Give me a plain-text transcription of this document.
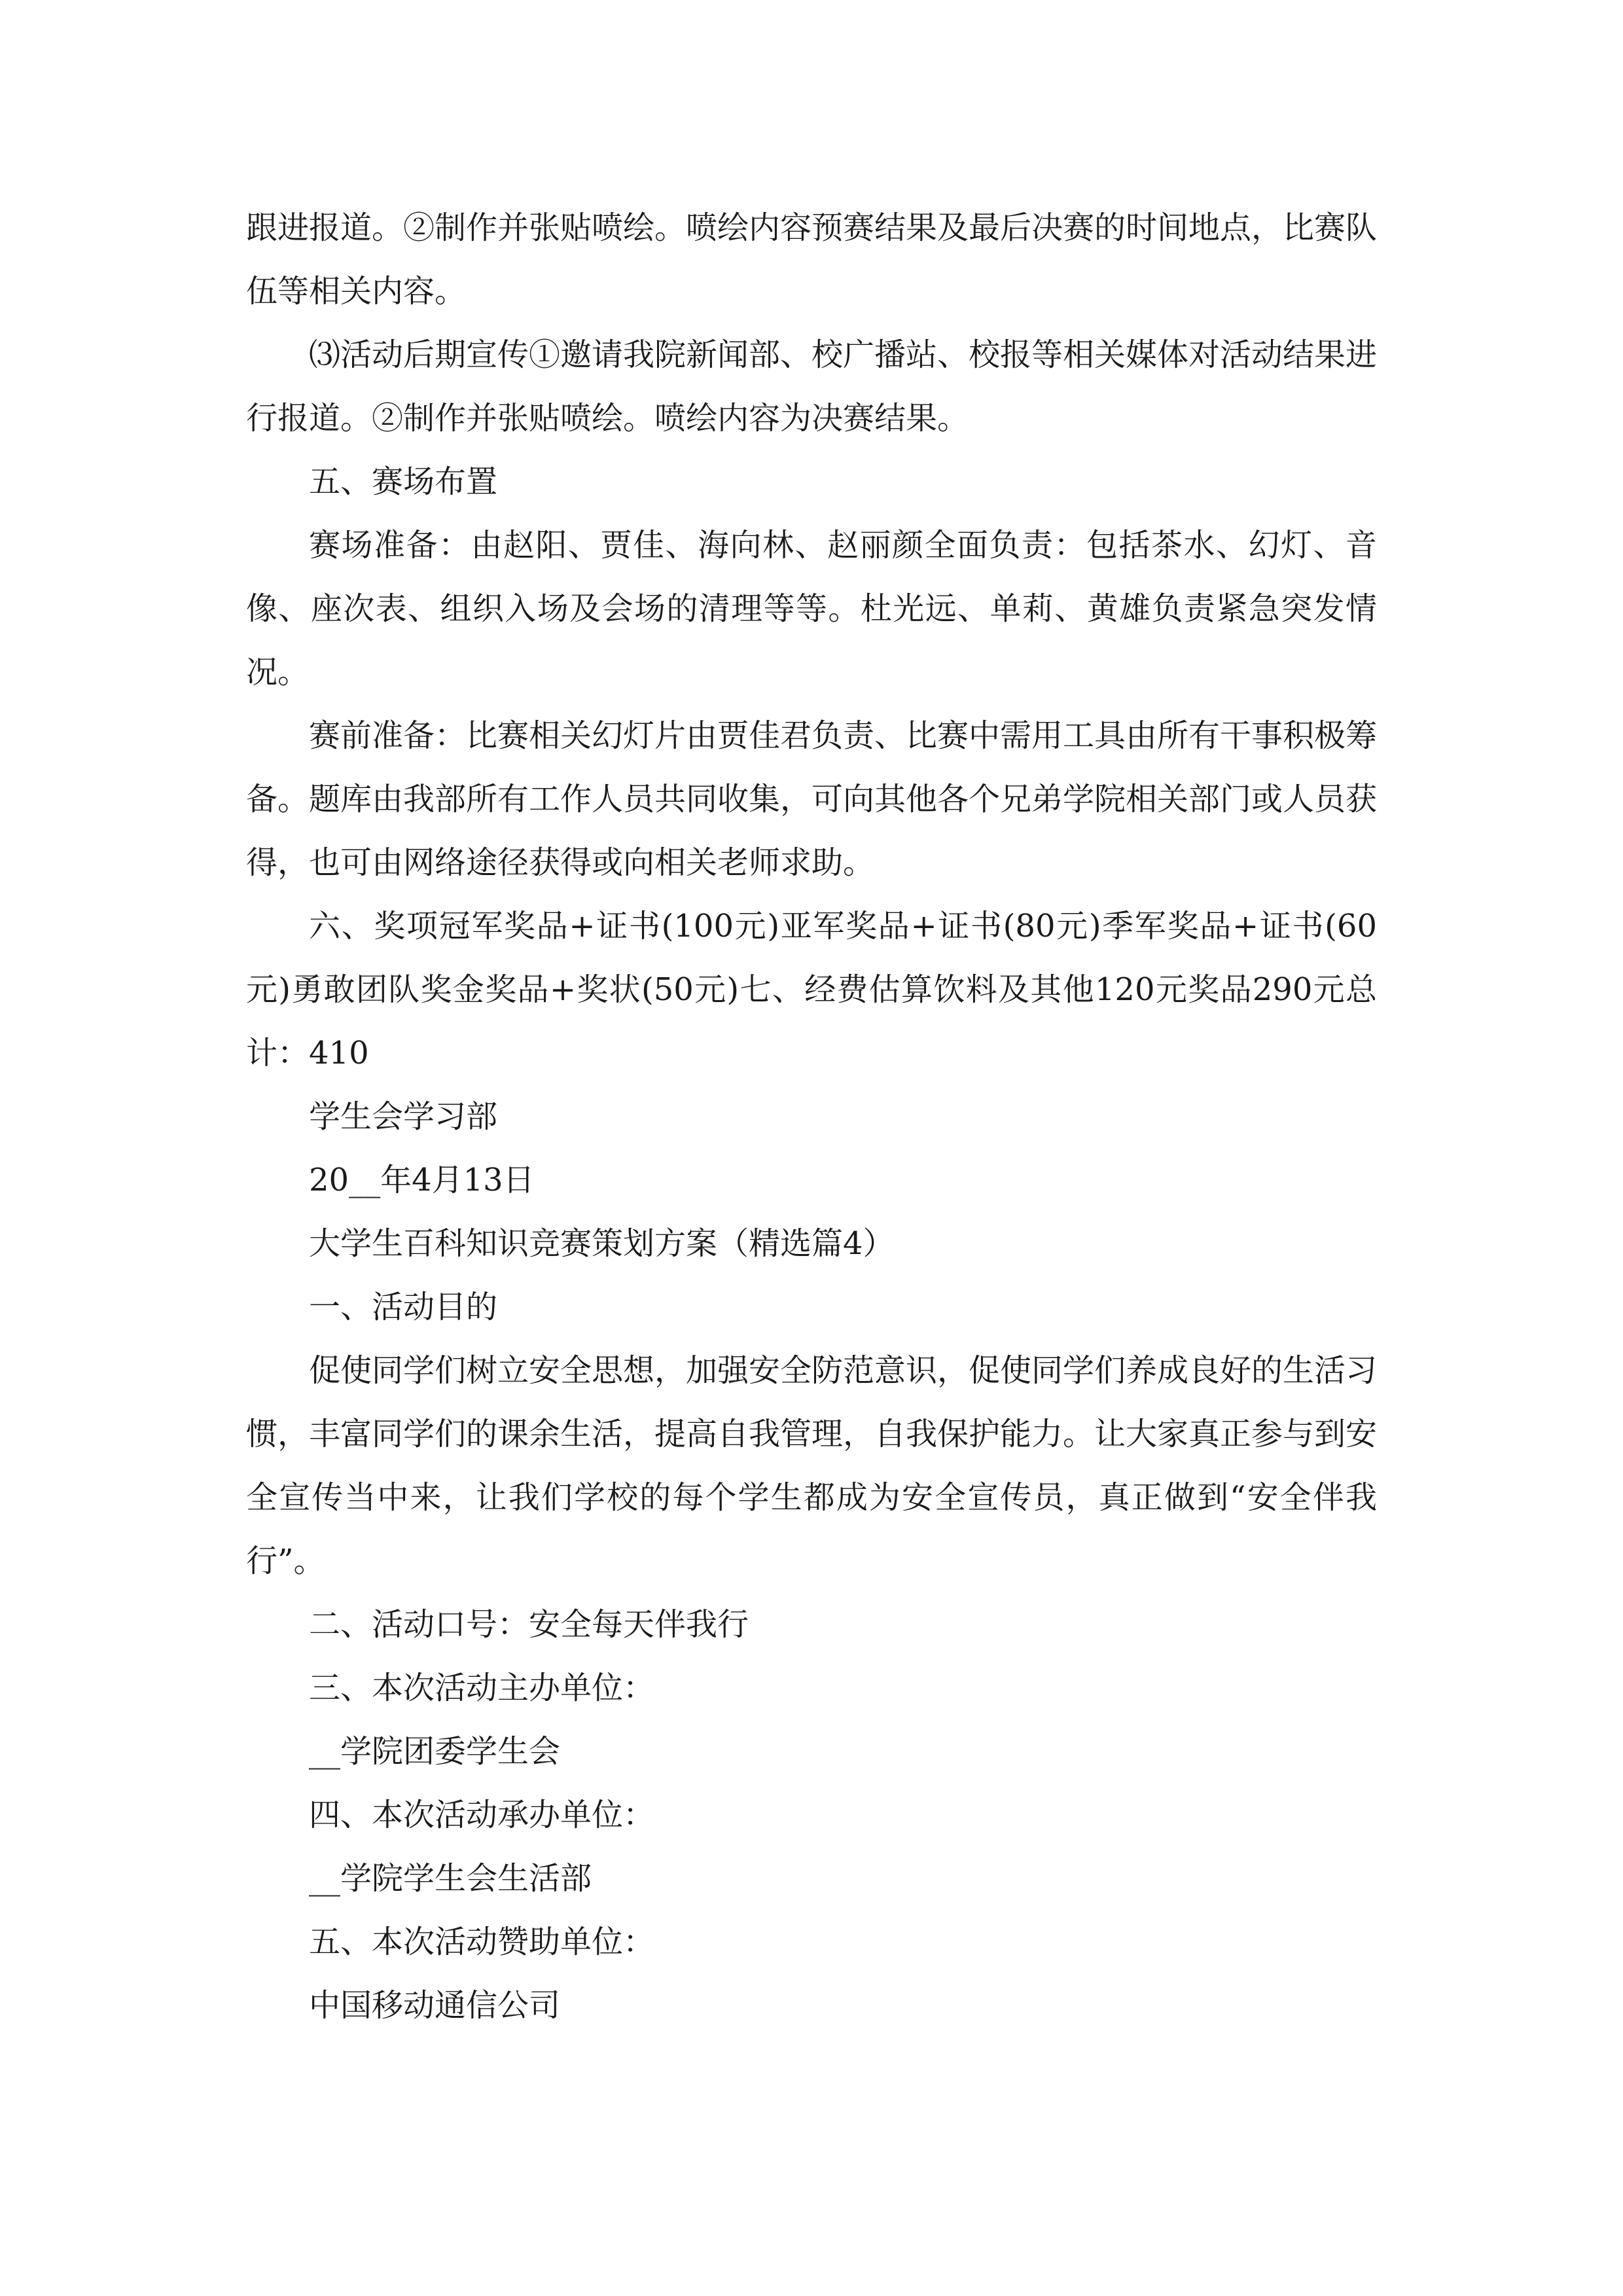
跟进报道。②制作并张贴喷绘。喷绘内容预赛结果及最后决赛的时间地点，比赛队伍等相关内容。

⑶活动后期宣传①邀请我院新闻部、校广播站、校报等相关媒体对活动结果进行报道。②制作并张贴喷绘。喷绘内容为决赛结果。

五、赛场布置

赛场准备：由赵阳、贾佳、海向林、赵丽颜全面负责：包括茶水、幻灯、音像、座次表、组织入场及会场的清理等等。杜光远、单莉、黄雄负责紧急突发情况。

赛前准备：比赛相关幻灯片由贾佳君负责、比赛中需用工具由所有干事积极筹备。题库由我部所有工作人员共同收集，可向其他各个兄弟学院相关部门或人员获得，也可由网络途径获得或向相关老师求助。

六、奖项冠军奖品+证书(100元)亚军奖品+证书(80元)季军奖品+证书(60元)勇敢团队奖金奖品+奖状(50元)七、经费估算饮料及其他120元奖品290元总计：410

学生会学习部

20__年4月13日

大学生百科知识竞赛策划方案（精选篇4）

一、活动目的

促使同学们树立安全思想，加强安全防范意识，促使同学们养成良好的生活习惯，丰富同学们的课余生活，提高自我管理，自我保护能力。让大家真正参与到安全宣传当中来，让我们学校的每个学生都成为安全宣传员，真正做到“安全伴我行”。

二、活动口号：安全每天伴我行

三、本次活动主办单位：

__学院团委学生会

四、本次活动承办单位：

__学院学生会生活部

五、本次活动赞助单位：

中国移动通信公司
